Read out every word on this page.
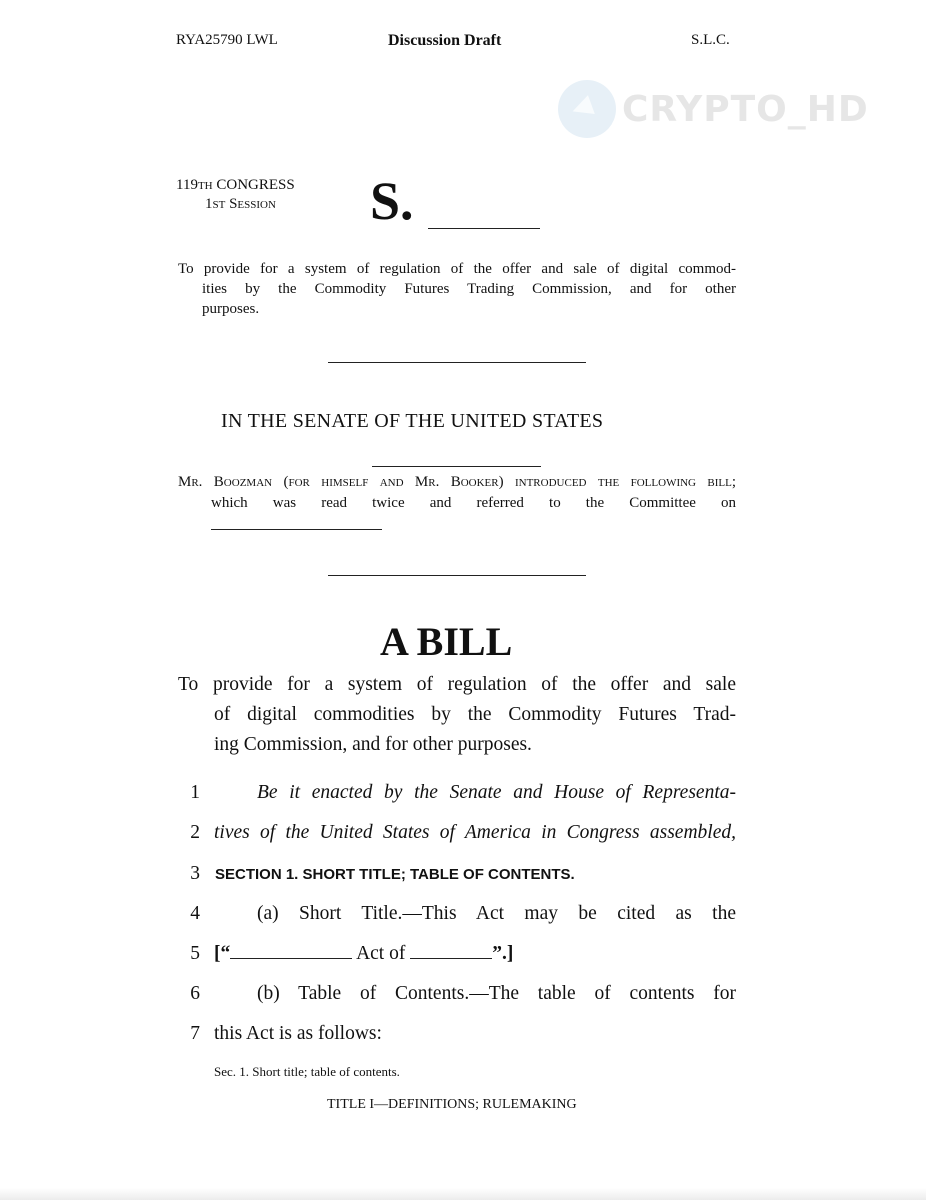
RYA25790 LWL	Discussion Draft	S.L.C.
CRYPTO_HD
119th CONGRESS
1st Session S.
To provide for a system of regulation of the offer and sale of digital commod-
ities by the Commodity Futures Trading Commission, and for other
purposes.
IN THE SENATE OF THE UNITED STATES
Mr. Boozman (for himself and Mr. Booker) introduced the following bill;
which was read twice and referred to the Committee on
A BILL
To provide for a system of regulation of the offer and sale
of digital commodities by the Commodity Futures Trad-
ing Commission, and for other purposes.
1	Be it enacted by the Senate and House of Representa-
2 tives of the United States of America in Congress assembled,
3 SECTION 1. SHORT TITLE; TABLE OF CONTENTS.
4	(a) Short Title.—This Act may be cited as the
5 [“	Act of	”.]
6	(b) Table of Contents.—The table of contents for
7 this Act is as follows:
Sec. 1. Short title; table of contents.
TITLE I—DEFINITIONS; RULEMAKING
